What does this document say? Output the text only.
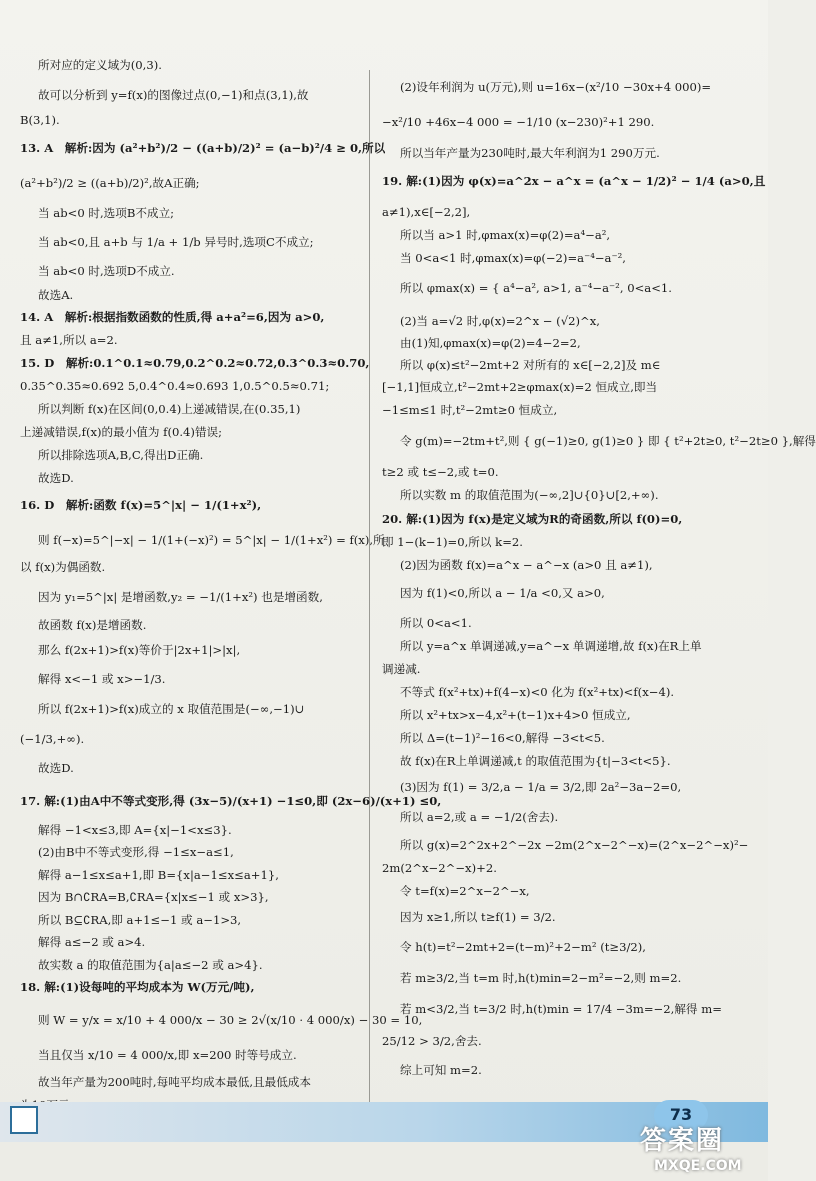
所对应的定义域为(0,3).
故可以分析到 y=f(x)的图像过点(0,−1)和点(3,1),故
B(3,1).
13. A　解析:因为 (a²+b²)/2 − ((a+b)/2)² = (a−b)²/4 ≥ 0,所以
(a²+b²)/2 ≥ ((a+b)/2)²,故A正确;
当 ab<0 时,选项B不成立;
当 ab<0,且 a+b 与 1/a + 1/b 异号时,选项C不成立;
当 ab<0 时,选项D不成立.
故选A.
14. A　解析:根据指数函数的性质,得 a+a²=6,因为 a>0,
且 a≠1,所以 a=2.
15. D　解析:0.1^0.1≈0.79,0.2^0.2≈0.72,0.3^0.3≈0.70,
0.35^0.35≈0.692 5,0.4^0.4≈0.693 1,0.5^0.5≈0.71;
所以判断 f(x)在区间(0,0.4)上递减错误,在(0.35,1)
上递减错误,f(x)的最小值为 f(0.4)错误;
所以排除选项A,B,C,得出D正确.
故选D.
16. D　解析:函数 f(x)=5^|x| − 1/(1+x²),
则 f(−x)=5^|−x| − 1/(1+(−x)²) = 5^|x| − 1/(1+x²) = f(x),所
以 f(x)为偶函数.
因为 y₁=5^|x| 是增函数,y₂ = −1/(1+x²) 也是增函数,
故函数 f(x)是增函数.
那么 f(2x+1)>f(x)等价于|2x+1|>|x|,
解得 x<−1 或 x>−1/3.
所以 f(2x+1)>f(x)成立的 x 取值范围是(−∞,−1)∪
(−1/3,+∞).
故选D.
17. 解:(1)由A中不等式变形,得 (3x−5)/(x+1) −1≤0,即 (2x−6)/(x+1) ≤0,
解得 −1<x≤3,即 A={x|−1<x≤3}.
(2)由B中不等式变形,得 −1≤x−a≤1,
解得 a−1≤x≤a+1,即 B={x|a−1≤x≤a+1},
因为 B∩∁RA=B,∁RA={x|x≤−1 或 x>3},
所以 B⊆∁RA,即 a+1≤−1 或 a−1>3,
解得 a≤−2 或 a>4.
故实数 a 的取值范围为{a|a≤−2 或 a>4}.
18. 解:(1)设每吨的平均成本为 W(万元/吨),
则 W = y/x = x/10 + 4 000/x − 30 ≥ 2√(x/10 · 4 000/x) − 30 = 10,
当且仅当 x/10 = 4 000/x,即 x=200 时等号成立.
故当年产量为200吨时,每吨平均成本最低,且最低成本
(2)设年利润为 u(万元),则 u=16x−(x²/10 −30x+4 000)=
−x²/10 +46x−4 000 = −1/10 (x−230)²+1 290.
所以当年产量为230吨时,最大年利润为1 290万元.
19. 解:(1)因为 φ(x)=a^2x − a^x = (a^x − 1/2)² − 1/4 (a>0,且
a≠1),x∈[−2,2],
所以当 a>1 时,φmax(x)=φ(2)=a⁴−a²,
当 0<a<1 时,φmax(x)=φ(−2)=a⁻⁴−a⁻²,
所以 φmax(x) = { a⁴−a², a>1, a⁻⁴−a⁻², 0<a<1.
(2)当 a=√2 时,φ(x)=2^x − (√2)^x,
由(1)知,φmax(x)=φ(2)=4−2=2,
所以 φ(x)≤t²−2mt+2 对所有的 x∈[−2,2]及 m∈
[−1,1]恒成立,t²−2mt+2≥φmax(x)=2 恒成立,即当
−1≤m≤1 时,t²−2mt≥0 恒成立,
令 g(m)=−2tm+t²,则 { g(−1)≥0, g(1)≥0 } 即 { t²+2t≥0, t²−2t≥0 },解得
t≥2 或 t≤−2,或 t=0.
所以实数 m 的取值范围为(−∞,2]∪{0}∪[2,+∞).
20. 解:(1)因为 f(x)是定义域为R的奇函数,所以 f(0)=0,
即 1−(k−1)=0,所以 k=2.
(2)因为函数 f(x)=a^x − a^−x (a>0 且 a≠1),
因为 f(1)<0,所以 a − 1/a <0,又 a>0,
所以 0<a<1.
所以 y=a^x 单调递减,y=a^−x 单调递增,故 f(x)在R上单
调递减.
不等式 f(x²+tx)+f(4−x)<0 化为 f(x²+tx)<f(x−4).
所以 x²+tx>x−4,x²+(t−1)x+4>0 恒成立,
所以 Δ=(t−1)²−16<0,解得 −3<t<5.
故 f(x)在R上单调递减,t 的取值范围为{t|−3<t<5}.
(3)因为 f(1) = 3/2,a − 1/a = 3/2,即 2a²−3a−2=0,
所以 a=2,或 a = −1/2(舍去).
所以 g(x)=2^2x+2^−2x −2m(2^x−2^−x)=(2^x−2^−x)²−
2m(2^x−2^−x)+2.
令 t=f(x)=2^x−2^−x,
因为 x≥1,所以 t≥f(1) = 3/2.
令 h(t)=t²−2mt+2=(t−m)²+2−m² (t≥3/2),
若 m≥3/2,当 t=m 时,h(t)min=2−m²=−2,则 m=2.
若 m<3/2,当 t=3/2 时,h(t)min = 17/4 −3m=−2,解得 m=
25/12 > 3/2,舍去.
综上可知 m=2.
73
答案圈
MXQE.COM
